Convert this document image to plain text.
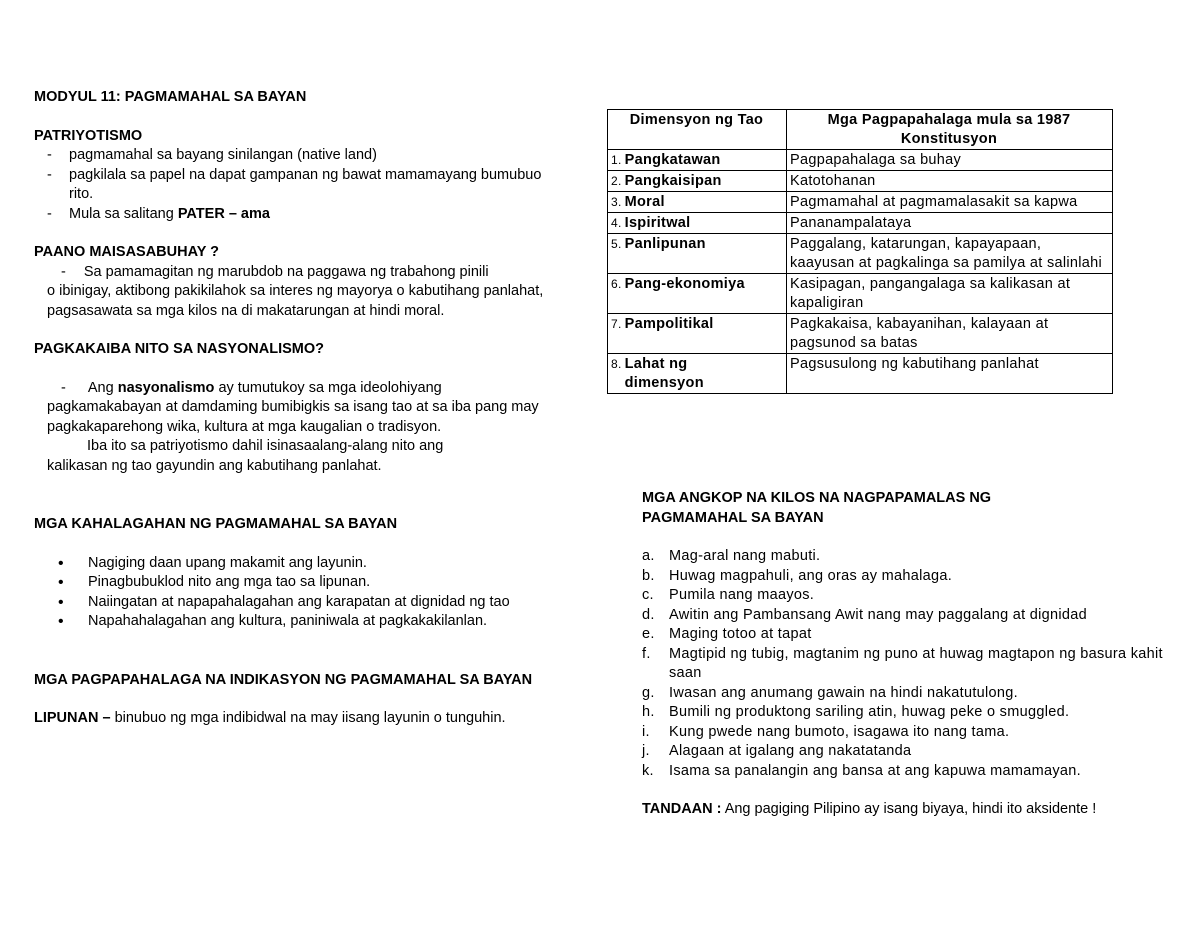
MODYUL 11: PAGMAMAHAL SA BAYAN
PATRIYOTISMO
- pagmamahal sa bayang sinilangan (native land)
- pagkilala sa papel na dapat gampanan ng bawat mamamayang bumubuo rito.
- Mula sa salitang PATER – ama
PAANO MAISASABUHAY ?
- Sa pamamagitan ng marubdob na paggawa ng trabahong pinili
o ibinigay, aktibong pakikilahok sa interes ng mayorya o kabutihang panlahat, pagsasawata sa mga kilos na di makatarungan at hindi moral.
PAGKAKAIBA NITO SA NASYONALISMO?
- Ang nasyonalismo ay tumutukoy sa mga ideolohiyang
pagkamakabayan at damdaming bumibigkis sa isang tao at sa iba pang may pagkakaparehong wika, kultura at mga kaugalian o tradisyon.
Iba ito sa patriyotismo dahil isinasaalang-alang nito ang
kalikasan ng tao gayundin ang kabutihang panlahat.
MGA KAHALAGAHAN NG PAGMAMAHAL SA BAYAN
• Nagiging daan upang makamit ang layunin.
• Pinagbubuklod nito ang mga tao sa lipunan.
• Naiingatan at napapahalagahan ang karapatan at dignidad ng tao
• Napahahalagahan ang kultura, paniniwala at pagkakakilanlan.
MGA PAGPAPAHALAGA NA INDIKASYON NG PAGMAMAHAL SA BAYAN
LIPUNAN – binubuo ng mga indibidwal na may iisang layunin o tunguhin.
Dimensyon ng Tao	Mga Pagpapahalaga mula sa 1987 Konstitusyon
1. Pangkatawan	Pagpapahalaga sa buhay
2. Pangkaisipan	Katotohanan
3. Moral	Pagmamahal at pagmamalasakit sa kapwa
4. Ispiritwal	Pananampalataya
5. Panlipunan	Paggalang, katarungan, kapayapaan, kaayusan at pagkalinga sa pamilya at salinlahi
6. Pang-ekonomiya	Kasipagan, pangangalaga sa kalikasan at kapaligiran
7. Pampolitikal	Pagkakaisa, kabayanihan, kalayaan at pagsunod sa batas
8. Lahat ng dimensyon	Pagsusulong ng kabutihang panlahat
MGA ANGKOP NA KILOS NA NAGPAPAMALAS NG PAGMAMAHAL SA BAYAN
a. Mag-aral nang mabuti.
b. Huwag magpahuli, ang oras ay mahalaga.
c. Pumila nang maayos.
d. Awitin ang Pambansang Awit nang may paggalang at dignidad
e. Maging totoo at tapat
f. Magtipid ng tubig, magtanim ng puno at huwag magtapon ng basura kahit saan
g. Iwasan ang anumang gawain na hindi nakatutulong.
h. Bumili ng produktong sariling atin, huwag peke o smuggled.
i. Kung pwede nang bumoto, isagawa ito nang tama.
j. Alagaan at igalang ang nakatatanda
k. Isama sa panalangin ang bansa at ang kapuwa mamamayan.
TANDAAN : Ang pagiging Pilipino ay isang biyaya, hindi ito aksidente !
